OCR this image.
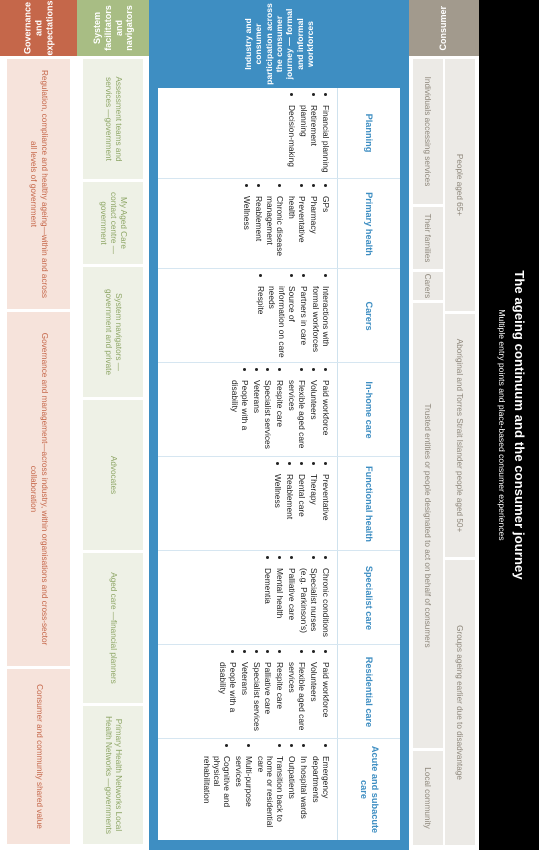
The ageing continuum and the consumer journey
Multiple entry points and place-based consumer experiences
Consumer
People aged 65+
Aboriginal and Torres Strait Islander people aged 50+
Groups ageing earlier due to disadvantage
Individuals accessing services
Their families
Carers
Trusted entities or people designated to act on behalf of consumers
Local community
Industry and consumer participation across the consumer journey — formal and informal workforces
Planning
• Financial planning
• Retirement planning
• Decision-making
Primary health
• GPs
• Pharmacy
• Preventative health
• Chronic disease management
• Reablement
• Wellness
Carers
• Interactions with formal workforces
• Partners in care
• Source of information on care needs
• Respite
In-home care
• Paid workforce
• Volunteers
• Flexible aged care services
• Respite care
• Specialist services
• Veterans
• People with a disability
Functional health
• Preventative
• Therapy
• Dental care
• Reablement
• Wellness
Specialist care
• Chronic conditions
• Specialist nurses (e.g. Parkinson’s)
• Palliative care
• Mental health
• Dementia
Residential care
• Paid workforce
• Volunteers
• Flexible aged care services
• Respite care
• Palliative care
• Specialist services
• Veterans
• People with a disability
Acute and subacute care
• Emergency departments
• In hospital wards
• Outpatients
• Transition back to home or residential care
• Multi-purpose services
• Cognitive and physical rehabilitation
System facilitators and navigators
Assessment teams and services —government
My Aged Care contact centre —government
System navigators —government and private
Advocates
Aged care —financial planners
Primary Health Networks Local Health Networks —governments
Governance and expectations
Regulation, compliance and healthy ageing—within and across all levels of government
Governance and management—across industry, within organisations and cross-sector collaboration
Consumer and community shared value
